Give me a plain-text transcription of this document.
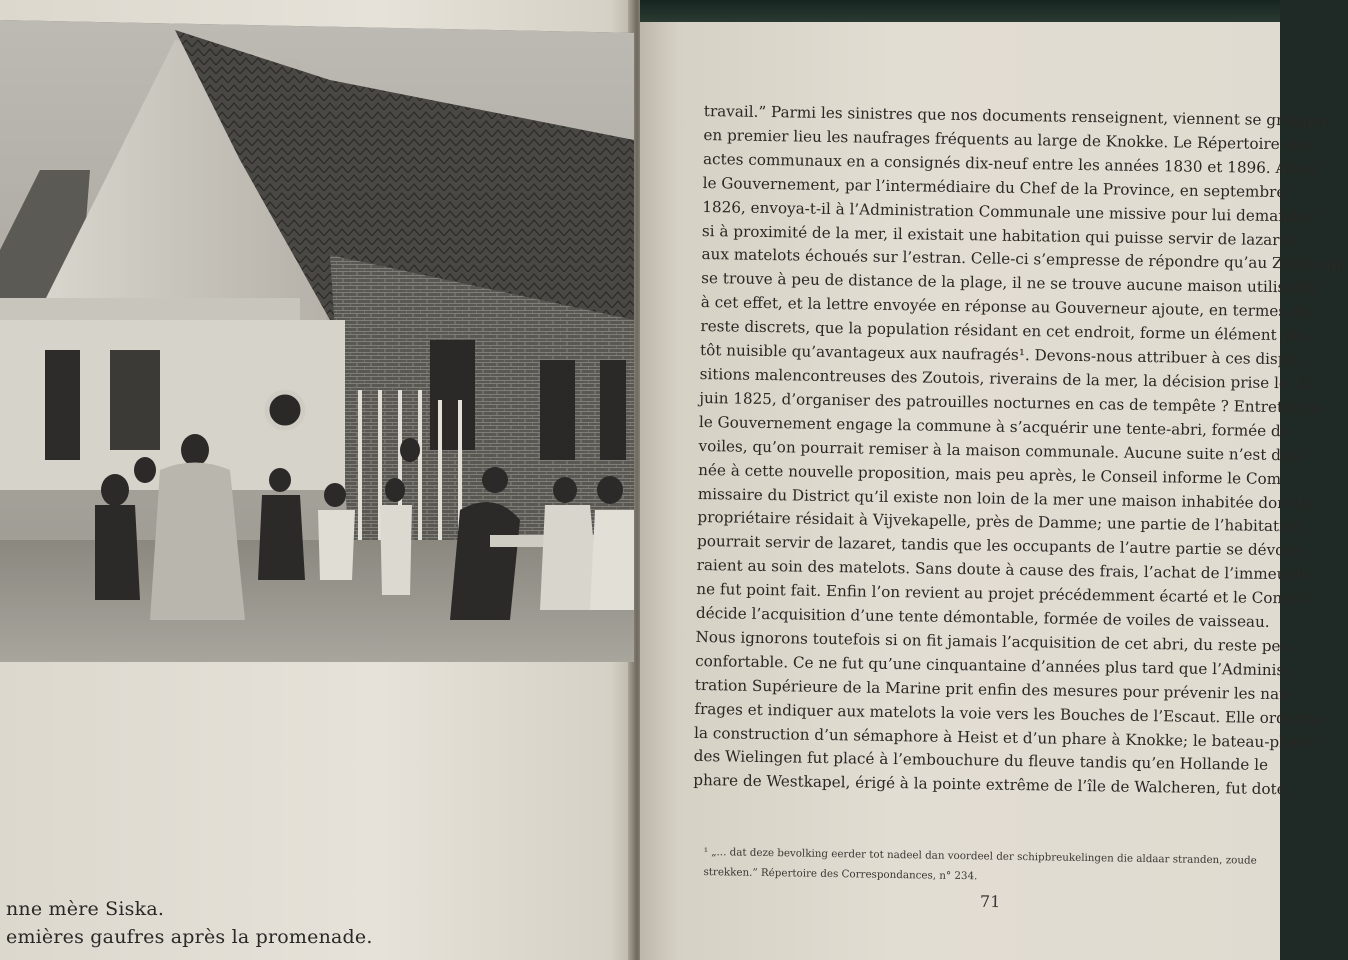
nne mère Siska.
emières gaufres après la promenade.
travail.” Parmi les sinistres que nos documents renseignent, viennent se grouper
en premier lieu les naufrages fréquents au large de Knokke. Le Répertoire des
actes communaux en a consignés dix-neuf entre les années 1830 et 1896. Aussi
le Gouvernement, par l’intermédiaire du Chef de la Province, en septembre
1826, envoya-t-il à l’Administration Communale une missive pour lui demander
si à proximité de la mer, il existait une habitation qui puisse servir de lazaret
aux matelots échoués sur l’estran. Celle-ci s’empresse de répondre qu’au Zoute qui
se trouve à peu de distance de la plage, il ne se trouve aucune maison utilisable
à cet effet, et la lettre envoyée en réponse au Gouverneur ajoute, en termes du
reste discrets, que la population résidant en cet endroit, forme un élément plu-
tôt nuisible qu’avantageux aux naufragés¹. Devons-nous attribuer à ces dispo-
sitions malencontreuses des Zoutois, riverains de la mer, la décision prise le 15
juin 1825, d’organiser des patrouilles nocturnes en cas de tempête ? Entretemps
le Gouvernement engage la commune à s’acquérir une tente-abri, formée de
voiles, qu’on pourrait remiser à la maison communale. Aucune suite n’est don-
née à cette nouvelle proposition, mais peu après, le Conseil informe le Com-
missaire du District qu’il existe non loin de la mer une maison inhabitée dont le
propriétaire résidait à Vijvekapelle, près de Damme; une partie de l’habitation
pourrait servir de lazaret, tandis que les occupants de l’autre partie se dévoue-
raient au soin des matelots. Sans doute à cause des frais, l’achat de l’immeuble
ne fut point fait. Enfin l’on revient au projet précédemment écarté et le Conseil
décide l’acquisition d’une tente démontable, formée de voiles de vaisseau.
Nous ignorons toutefois si on fit jamais l’acquisition de cet abri, du reste peu
confortable. Ce ne fut qu’une cinquantaine d’années plus tard que l’Adminis-
tration Supérieure de la Marine prit enfin des mesures pour prévenir les nau-
frages et indiquer aux matelots la voie vers les Bouches de l’Escaut. Elle ordonna
la construction d’un sémaphore à Heist et d’un phare à Knokke; le bateau-phare
des Wielingen fut placé à l’embouchure du fleuve tandis qu’en Hollande le
phare de Westkapel, érigé à la pointe extrême de l’île de Walcheren, fut doté
¹ „... dat deze bevolking eerder tot nadeel dan voordeel der schipbreukelingen die aldaar stranden, zoude
strekken.” Répertoire des Correspondances, n° 234.
71
